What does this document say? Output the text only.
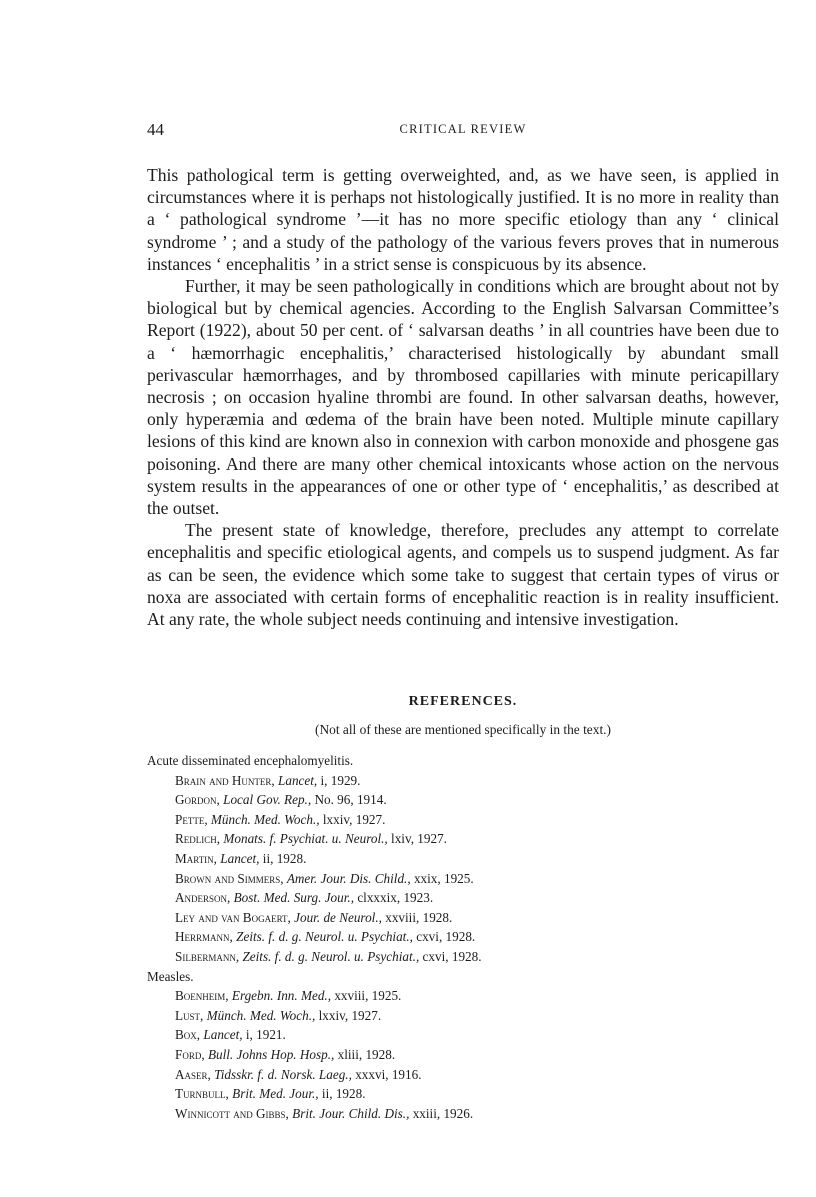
44	CRITICAL REVIEW

This pathological term is getting overweighted, and, as we have seen, is applied in circumstances where it is perhaps not histologically justified. It is no more in reality than a ‘ pathological syndrome ’—it has no more specific etiology than any ‘ clinical syndrome ’ ; and a study of the pathology of the various fevers proves that in numerous instances ‘ encephalitis ’ in a strict sense is conspicuous by its absence.

Further, it may be seen pathologically in conditions which are brought about not by biological but by chemical agencies. According to the English Salvarsan Committee’s Report (1922), about 50 per cent. of ‘ salvarsan deaths ’ in all countries have been due to a ‘ hæmorrhagic encephalitis,’ characterised histologically by abundant small perivascular hæmorrhages, and by thrombosed capillaries with minute pericapillary necrosis ; on occasion hyaline thrombi are found. In other salvarsan deaths, however, only hyperæmia and œdema of the brain have been noted. Multiple minute capillary lesions of this kind are known also in connexion with carbon monoxide and phosgene gas poisoning. And there are many other chemical intoxicants whose action on the nervous system results in the appearances of one or other type of ‘ encephalitis,’ as described at the outset.

The present state of knowledge, therefore, precludes any attempt to correlate encephalitis and specific etiological agents, and compels us to suspend judgment. As far as can be seen, the evidence which some take to suggest that certain types of virus or noxa are associated with certain forms of encephalitic reaction is in reality insufficient. At any rate, the whole subject needs continuing and intensive investigation.

REFERENCES.
(Not all of these are mentioned specifically in the text.)
Acute disseminated encephalomyelitis.
Brain and Hunter, Lancet, i, 1929.
Gordon, Local Gov. Rep., No. 96, 1914.
Pette, Münch. Med. Woch., lxxiv, 1927.
Redlich, Monats. f. Psychiat. u. Neurol., lxiv, 1927.
Martin, Lancet, ii, 1928.
Brown and Simmers, Amer. Jour. Dis. Child., xxix, 1925.
Anderson, Bost. Med. Surg. Jour., clxxxix, 1923.
Ley and van Bogaert, Jour. de Neurol., xxviii, 1928.
Herrmann, Zeits. f. d. g. Neurol. u. Psychiat., cxvi, 1928.
Silbermann, Zeits. f. d. g. Neurol. u. Psychiat., cxvi, 1928.
Measles.
Boenheim, Ergebn. Inn. Med., xxviii, 1925.
Lust, Münch. Med. Woch., lxxiv, 1927.
Box, Lancet, i, 1921.
Ford, Bull. Johns Hop. Hosp., xliii, 1928.
Aaser, Tidsskr. f. d. Norsk. Laeg., xxxvi, 1916.
Turnbull, Brit. Med. Jour., ii, 1928.
Winnicott and Gibbs, Brit. Jour. Child. Dis., xxiii, 1926.
